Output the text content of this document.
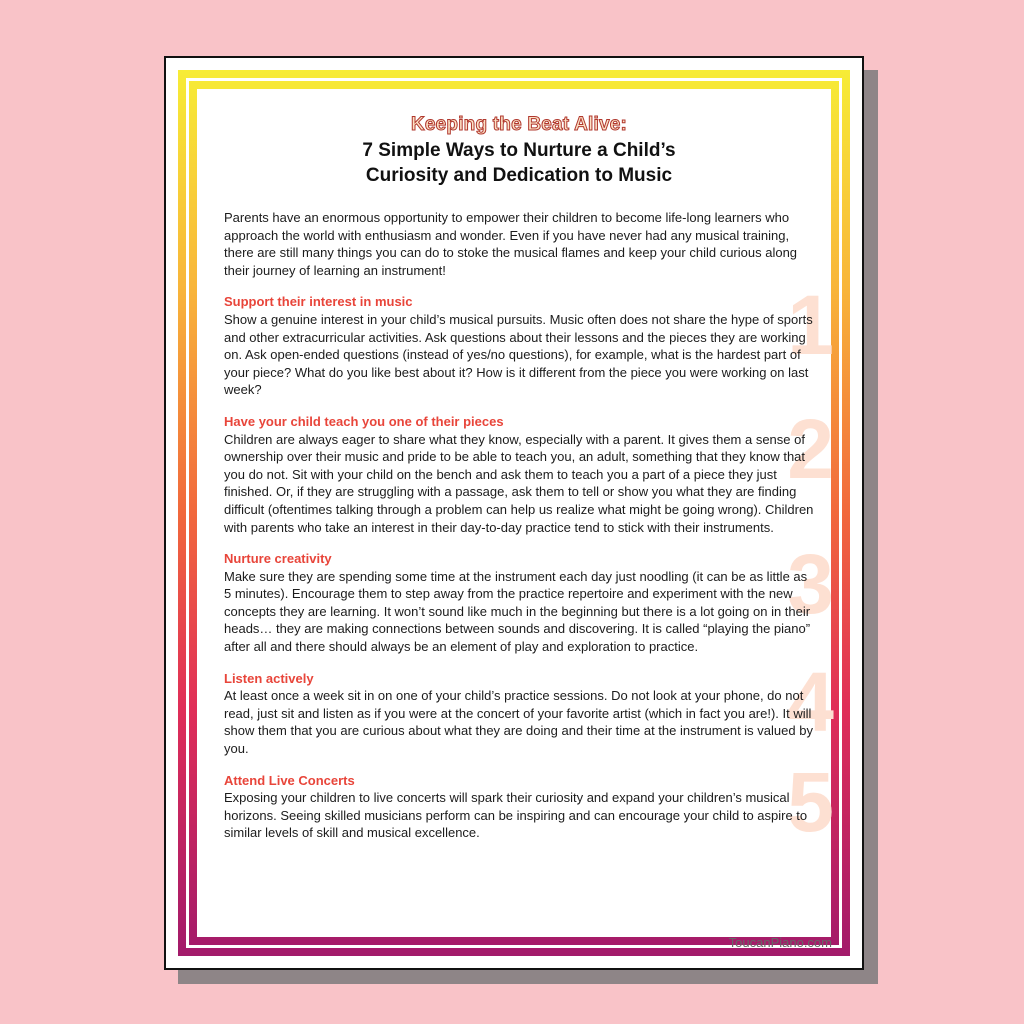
Keeping the Beat Alive:
7 Simple Ways to Nurture a Child’s
Curiosity and Dedication to Music
Parents have an enormous opportunity to empower their children to become life-long learners who approach the world with enthusiasm and wonder. Even if you have never had any musical training, there are still many things you can do to stoke the musical flames and keep your child curious along their journey of learning an instrument!
1
Support their interest in music
Show a genuine interest in your child’s musical pursuits. Music often does not share the hype of sports and other extracurricular activities. Ask questions about their lessons and the pieces they are working on. Ask open-ended questions (instead of yes/no questions), for example, what is the hardest part of your piece? What do you like best about it? How is it different from the piece you were working on last week?
2
Have your child teach you one of their pieces
Children are always eager to share what they know, especially with a parent. It gives them a sense of ownership over their music and pride to be able to teach you, an adult, something that they know that you do not. Sit with your child on the bench and ask them to teach you a part of a piece they just finished. Or, if they are struggling with a passage, ask them to tell or show you what they are finding difficult (oftentimes talking through a problem can help us realize what might be going wrong). Children with parents who take an interest in their day-to-day practice tend to stick with their instruments.
3
Nurture creativity
Make sure they are spending some time at the instrument each day just noodling (it can be as little as 5 minutes). Encourage them to step away from the practice repertoire and experiment with the new concepts they are learning. It won’t sound like much in the beginning but there is a lot going on in their heads… they are making connections between sounds and discovering. It is called “playing the piano” after all and there should always be an element of play and exploration to practice.
4
Listen actively
At least once a week sit in on one of your child’s practice sessions. Do not look at your phone, do not read, just sit and listen as if you were at the concert of your favorite artist (which in fact you are!). It will show them that you are curious about what they are doing and their time at the instrument is valued by you.
5
Attend Live Concerts
Exposing your children to live concerts will spark their curiosity and expand your children’s musical horizons. Seeing skilled musicians perform can be inspiring and can encourage your child to aspire to similar levels of skill and musical excellence.
ToucanPiano.com
